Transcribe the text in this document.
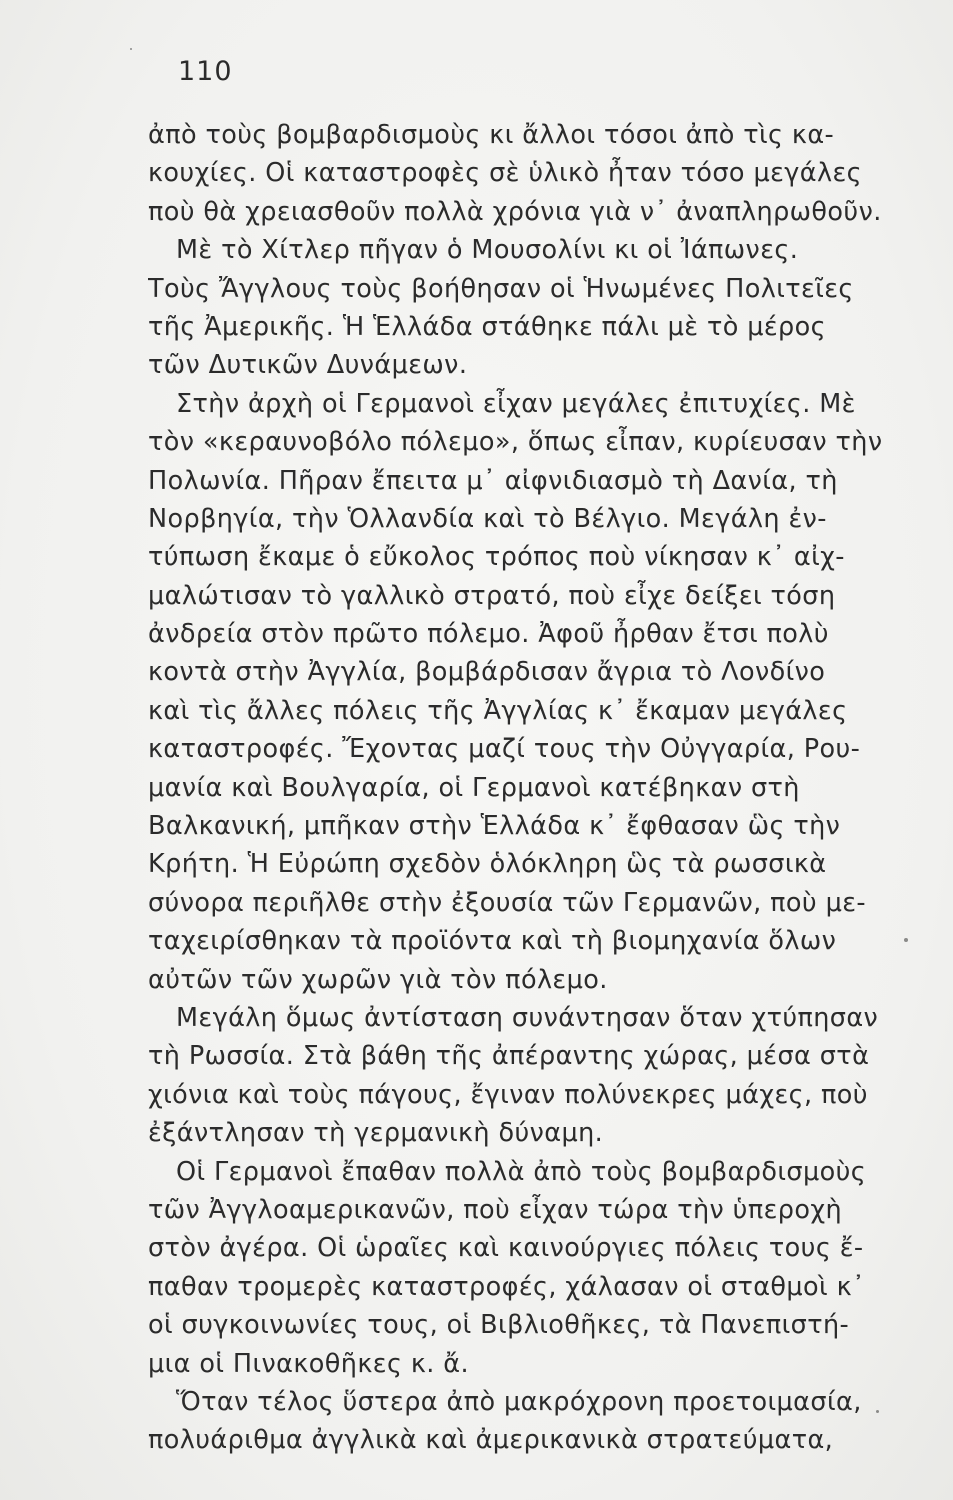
110
ἀπὸ τοὺς βομβαρδισμοὺς κι ἄλλοι τόσοι ἀπὸ τὶς κα-
κουχίες. Οἱ καταστροφὲς σὲ ὑλικὸ ἦταν τόσο μεγάλες
ποὺ θὰ χρειασθοῦν πολλὰ χρόνια γιὰ ν᾽ ἀναπληρωθοῦν.
Μὲ τὸ Χίτλερ πῆγαν ὁ Μουσολίνι κι οἱ Ἰάπωνες.
Τοὺς Ἄγγλους τοὺς βοήθησαν οἱ Ἡνωμένες Πολιτεῖες
τῆς Ἀμερικῆς. Ἡ Ἑλλάδα στάθηκε πάλι μὲ τὸ μέρος
τῶν Δυτικῶν Δυνάμεων.
Στὴν ἀρχὴ οἱ Γερμανοὶ εἶχαν μεγάλες ἐπιτυχίες. Μὲ
τὸν «κεραυνοβόλο πόλεμο», ὅπως εἶπαν, κυρίευσαν τὴν
Πολωνία. Πῆραν ἔπειτα μ᾽ αἰφνιδιασμὸ τὴ Δανία, τὴ
Νορβηγία, τὴν Ὁλλανδία καὶ τὸ Βέλγιο. Μεγάλη ἐν-
τύπωση ἔκαμε ὁ εὔκολος τρόπος ποὺ νίκησαν κ᾽ αἰχ-
μαλώτισαν τὸ γαλλικὸ στρατό, ποὺ εἶχε δείξει τόση
ἀνδρεία στὸν πρῶτο πόλεμο. Ἀφοῦ ἦρθαν ἔτσι πολὺ
κοντὰ στὴν Ἀγγλία, βομβάρδισαν ἄγρια τὸ Λονδίνο
καὶ τὶς ἄλλες πόλεις τῆς Ἀγγλίας κ᾽ ἔκαμαν μεγάλες
καταστροφές. Ἔχοντας μαζί τους τὴν Οὐγγαρία, Ρου-
μανία καὶ Βουλγαρία, οἱ Γερμανοὶ κατέβηκαν στὴ
Βαλκανική, μπῆκαν στὴν Ἑλλάδα κ᾽ ἔφθασαν ὣς τὴν
Κρήτη. Ἡ Εὐρώπη σχεδὸν ὁλόκληρη ὣς τὰ ρωσσικὰ
σύνορα περιῆλθε στὴν ἐξουσία τῶν Γερμανῶν, ποὺ με-
ταχειρίσθηκαν τὰ προϊόντα καὶ τὴ βιομηχανία ὅλων
αὐτῶν τῶν χωρῶν γιὰ τὸν πόλεμο.
Μεγάλη ὅμως ἀντίσταση συνάντησαν ὅταν χτύπησαν
τὴ Ρωσσία. Στὰ βάθη τῆς ἀπέραντης χώρας, μέσα στὰ
χιόνια καὶ τοὺς πάγους, ἔγιναν πολύνεκρες μάχες, ποὺ
ἐξάντλησαν τὴ γερμανικὴ δύναμη.
Οἱ Γερμανοὶ ἔπαθαν πολλὰ ἀπὸ τοὺς βομβαρδισμοὺς
τῶν Ἀγγλοαμερικανῶν, ποὺ εἶχαν τώρα τὴν ὑπεροχὴ
στὸν ἀγέρα. Οἱ ὡραῖες καὶ καινούργιες πόλεις τους ἔ-
παθαν τρομερὲς καταστροφές, χάλασαν οἱ σταθμοὶ κ᾽
οἱ συγκοινωνίες τους, οἱ Βιβλιοθῆκες, τὰ Πανεπιστή-
μια οἱ Πινακοθῆκες κ. ἄ.
Ὅταν τέλος ὕστερα ἀπὸ μακρόχρονη προετοιμασία,
πολυάριθμα ἀγγλικὰ καὶ ἀμερικανικὰ στρατεύματα,
